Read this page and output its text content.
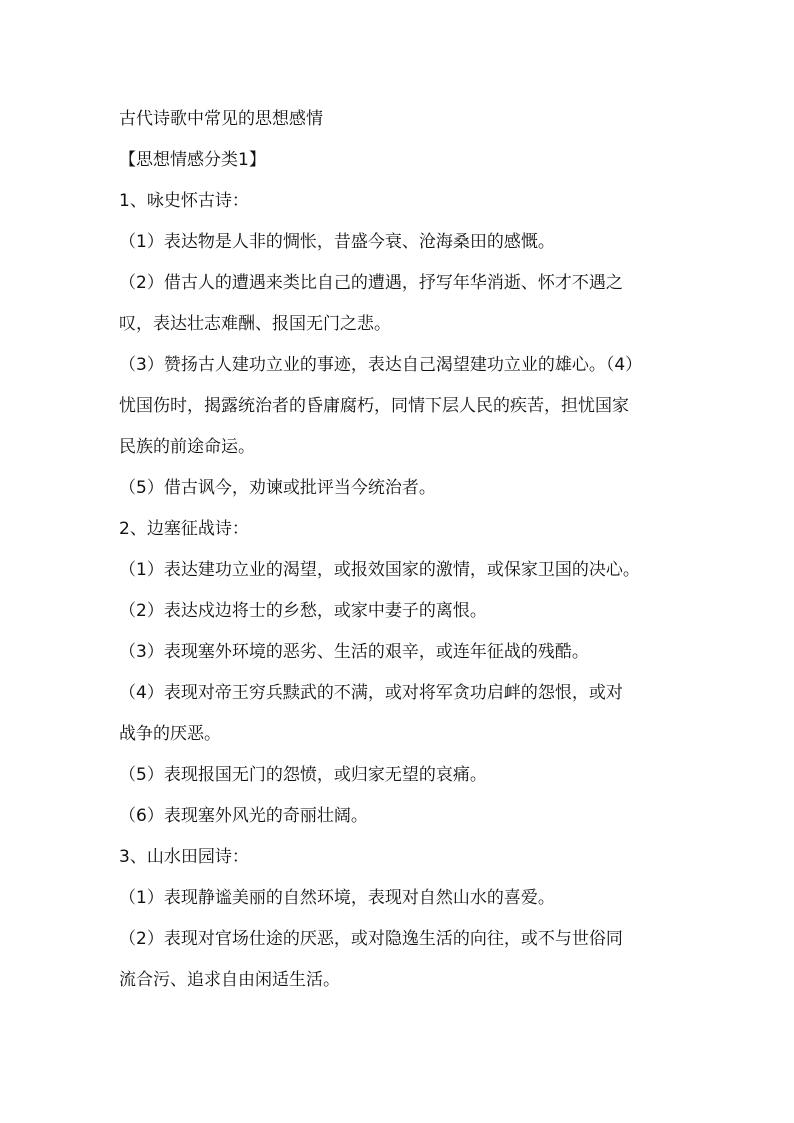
古代诗歌中常见的思想感情
【思想情感分类1】
1、咏史怀古诗：
（1）表达物是人非的惆怅，昔盛今衰、沧海桑田的感慨。
（2）借古人的遭遇来类比自己的遭遇，抒写年华消逝、怀才不遇之
叹，表达壮志难酬、报国无门之悲。
（3）赞扬古人建功立业的事迹，表达自己渴望建功立业的雄心。（4）
忧国伤时，揭露统治者的昏庸腐朽，同情下层人民的疾苦，担忧国家
民族的前途命运。
（5）借古讽今，劝谏或批评当今统治者。
2、边塞征战诗：
（1）表达建功立业的渴望，或报效国家的激情，或保家卫国的决心。
（2）表达戍边将士的乡愁，或家中妻子的离恨。
（3）表现塞外环境的恶劣、生活的艰辛，或连年征战的残酷。
（4）表现对帝王穷兵黩武的不满，或对将军贪功启衅的怨恨，或对
战争的厌恶。
（5）表现报国无门的怨愤，或归家无望的哀痛。
（6）表现塞外风光的奇丽壮阔。
3、山水田园诗：
（1）表现静谧美丽的自然环境，表现对自然山水的喜爱。
（2）表现对官场仕途的厌恶，或对隐逸生活的向往，或不与世俗同
流合污、追求自由闲适生活。
